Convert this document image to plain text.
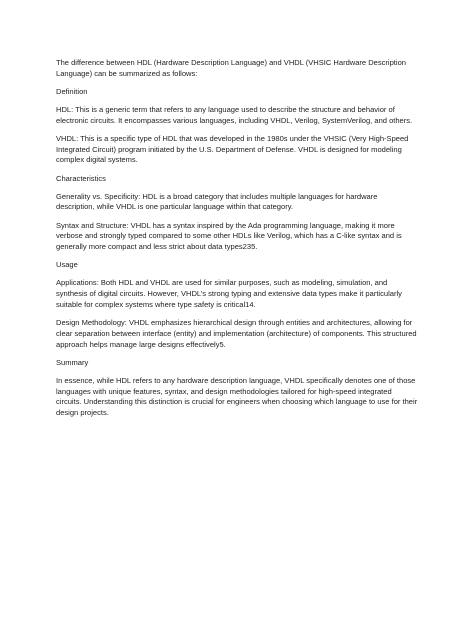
The difference between HDL (Hardware Description Language) and VHDL (VHSIC Hardware Description Language) can be summarized as follows:

Definition

HDL: This is a generic term that refers to any language used to describe the structure and behavior of electronic circuits. It encompasses various languages, including VHDL, Verilog, SystemVerilog, and others.

VHDL: This is a specific type of HDL that was developed in the 1980s under the VHSIC (Very High-Speed Integrated Circuit) program initiated by the U.S. Department of Defense. VHDL is designed for modeling complex digital systems.

Characteristics

Generality vs. Specificity: HDL is a broad category that includes multiple languages for hardware description, while VHDL is one particular language within that category.

Syntax and Structure: VHDL has a syntax inspired by the Ada programming language, making it more verbose and strongly typed compared to some other HDLs like Verilog, which has a C-like syntax and is generally more compact and less strict about data types235.

Usage

Applications: Both HDL and VHDL are used for similar purposes, such as modeling, simulation, and synthesis of digital circuits. However, VHDL’s strong typing and extensive data types make it particularly suitable for complex systems where type safety is critical14.

Design Methodology: VHDL emphasizes hierarchical design through entities and architectures, allowing for clear separation between interface (entity) and implementation (architecture) of components. This structured approach helps manage large designs effectively5.

Summary

In essence, while HDL refers to any hardware description language, VHDL specifically denotes one of those languages with unique features, syntax, and design methodologies tailored for high-speed integrated circuits. Understanding this distinction is crucial for engineers when choosing which language to use for their design projects.
